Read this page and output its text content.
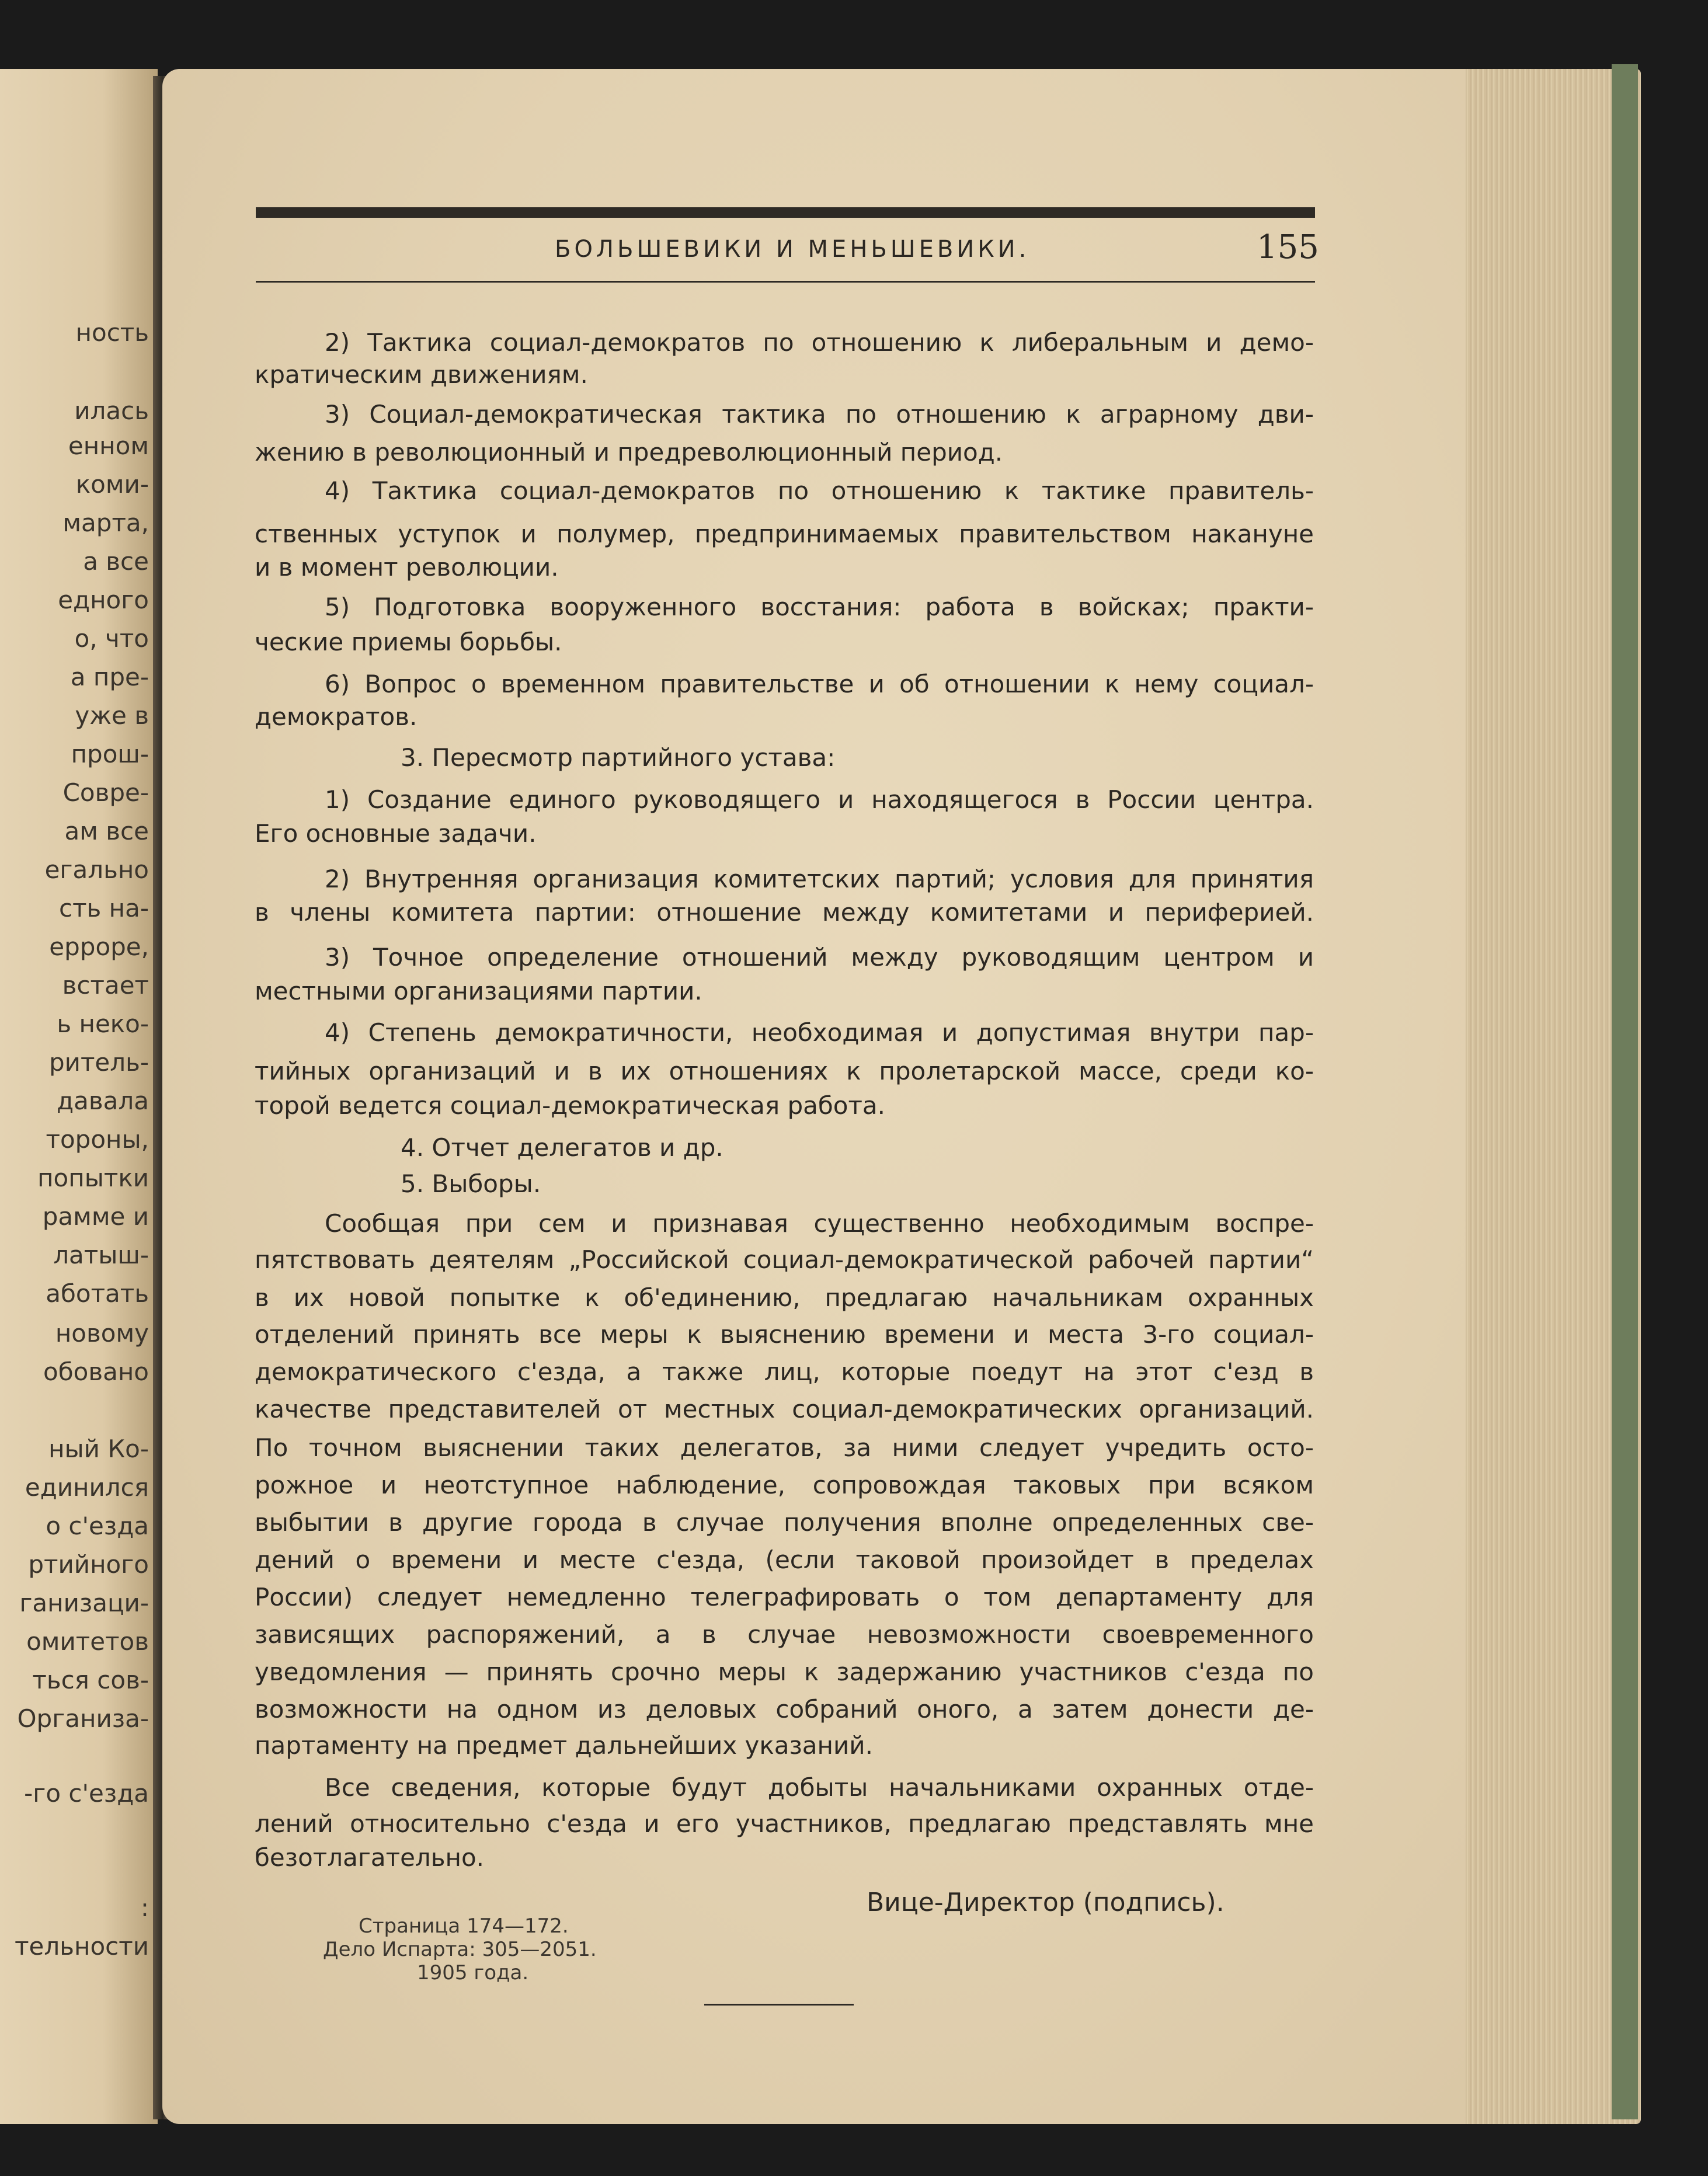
ность

илась

енном

коми-

марта,

а все

едного

о, что

а пре-

уже в

прош-

Совре-

ам все

егально

сть на-

ерроре,

встает

ь неко-

ритель-

давала

тороны,

попытки

рамме и

латыш-

аботать

новому

обовано

ный Ко-

единился

о с'езда

ртийного

ганизаци-

омитетов

ться сов-

Организа-

-го с'езда

:

тельности

БОЛЬШЕВИКИ И МЕНЬШЕВИКИ.	155

2) Тактика социал-демократов по отношению к либеральным и демо-

кратическим движениям.

3) Социал-демократическая тактика по отношению к аграрному дви-

жению в революционный и предреволюционный период.

4) Тактика социал-демократов по отношению к тактике правитель-

ственных уступок и полумер, предпринимаемых правительством накануне

и в момент революции.

5) Подготовка вооруженного восстания: работа в войсках; практи-

ческие приемы борьбы.

6) Вопрос о временном правительстве и об отношении к нему социал-

демократов.

3. Пересмотр партийного устава:

1) Создание единого руководящего и находящегося в России центра.

Его основные задачи.

2) Внутренняя организация комитетских партий; условия для принятия

в члены комитета партии: отношение между комитетами и периферией.

3) Точное определение отношений между руководящим центром и

местными организациями партии.

4) Степень демократичности, необходимая и допустимая внутри пар-

тийных организаций и в их отношениях к пролетарской массе, среди ко-

торой ведется социал-демократическая работа.

4. Отчет делегатов и др.

5. Выборы.

Сообщая при сем и признавая существенно необходимым воспре-

пятствовать деятелям „Российской социал-демократической рабочей партии“

в их новой попытке к об'единению, предлагаю начальникам охранных

отделений принять все меры к выяснению времени и места 3-го социал-

демократического с'езда, а также лиц, которые поедут на этот с'езд в

качестве представителей от местных социал-демократических организаций.

По точном выяснении таких делегатов, за ними следует учредить осто-

рожное и неотступное наблюдение, сопровождая таковых при всяком

выбытии в другие города в случае получения вполне определенных све-

дений о времени и месте с'езда, (если таковой произойдет в пределах

России) следует немедленно телеграфировать о том департаменту для

зависящих распоряжений, а в случае невозможности своевременного

уведомления — принять срочно меры к задержанию участников с'езда по

возможности на одном из деловых собраний оного, а затем донести де-

партаменту на предмет дальнейших указаний.

Все сведения, которые будут добыты начальниками охранных отде-

лений относительно с'езда и его участников, предлагаю представлять мне

безотлагательно.

Вице-Директор (подпись).

Страница 174—172.

Дело Испарта: 305—2051.

1905 года.
